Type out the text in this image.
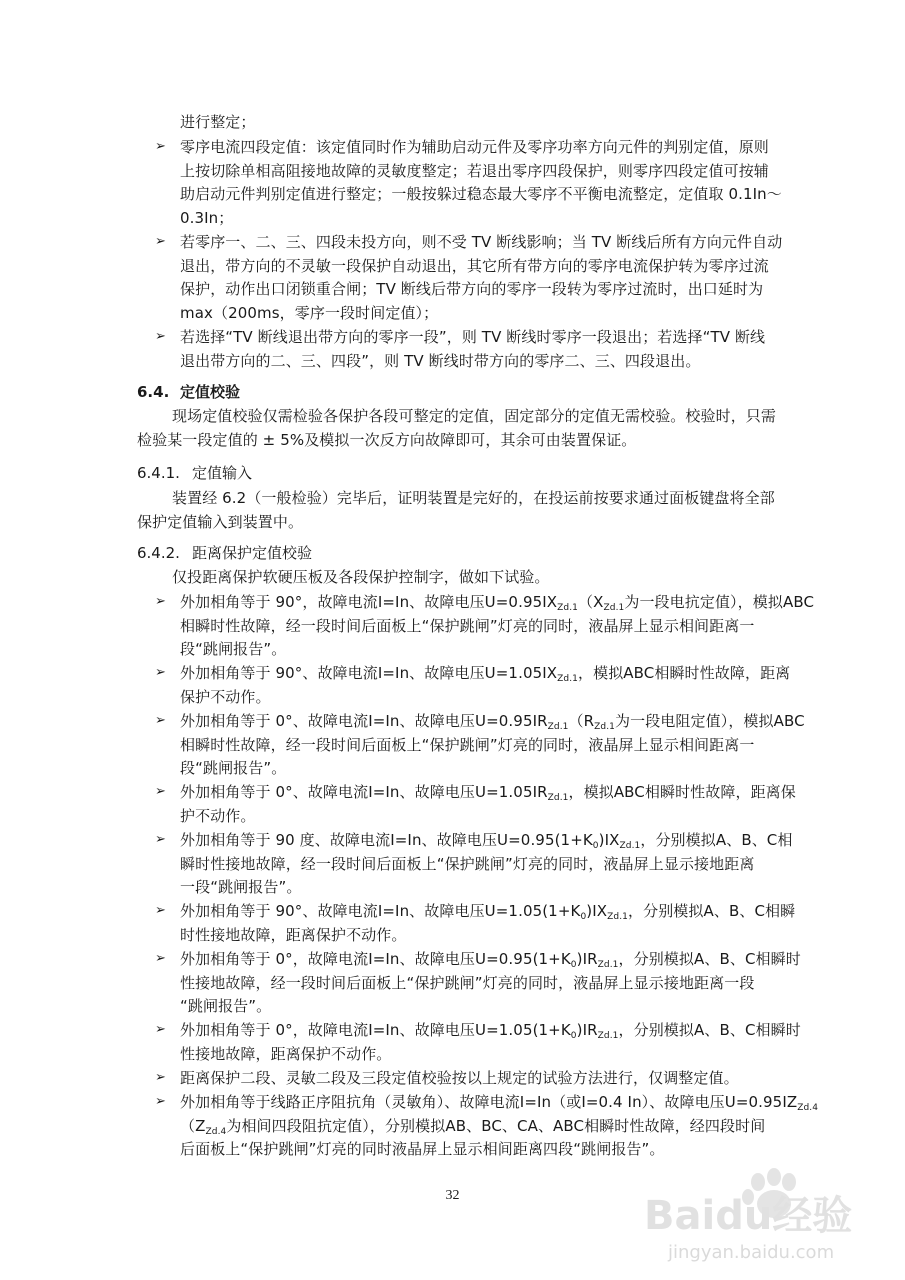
进行整定；
➢ 零序电流四段定值：该定值同时作为辅助启动元件及零序功率方向元件的判别定值，原则
上按切除单相高阻接地故障的灵敏度整定；若退出零序四段保护，则零序四段定值可按辅
助启动元件判别定值进行整定；一般按躲过稳态最大零序不平衡电流整定，定值取 0.1In～
0.3In；
➢ 若零序一、二、三、四段未投方向，则不受 TV 断线影响；当 TV 断线后所有方向元件自动
退出，带方向的不灵敏一段保护自动退出，其它所有带方向的零序电流保护转为零序过流
保护，动作出口闭锁重合闸；TV 断线后带方向的零序一段转为零序过流时，出口延时为
max（200ms，零序一段时间定值）；
➢ 若选择“TV 断线退出带方向的零序一段”，则 TV 断线时零序一段退出；若选择“TV 断线
退出带方向的二、三、四段”，则 TV 断线时带方向的零序二、三、四段退出。
6.4. 定值校验
现场定值校验仅需检验各保护各段可整定的定值，固定部分的定值无需校验。校验时，只需
检验某一段定值的 ± 5%及模拟一次反方向故障即可，其余可由装置保证。
6.4.1. 定值输入
装置经 6.2（一般检验）完毕后，证明装置是完好的，在投运前按要求通过面板键盘将全部
保护定值输入到装置中。
6.4.2. 距离保护定值校验
仅投距离保护软硬压板及各段保护控制字，做如下试验。
➢ 外加相角等于 90°，故障电流I=In、故障电压$U=0.95IX_{Zd.1}(X_{Zd.1}$为一段电抗定值），模拟ABC
相瞬时性故障，经一段时间后面板上“保护跳闸”灯亮的同时，液晶屏上显示相间距离一
段“跳闸报告”。
➢ 外加相角等于 90°、故障电流I=In、故障电压$U=1.05IX_{Zd.1}$，模拟ABC相瞬时性故障，距离
保护不动作。
➢ 外加相角等于 0°、故障电流I=In、故障电压$U=0.95IR_{Zd.1}(R_{Zd.1}$为一段电阻定值），模拟ABC
相瞬时性故障，经一段时间后面板上“保护跳闸”灯亮的同时，液晶屏上显示相间距离一
段“跳闸报告”。
➢ 外加相角等于 0°、故障电流I=In、故障电压$U=1.05IR_{Zd.1}$，模拟ABC相瞬时性故障，距离保
护不动作。
➢ 外加相角等于 90 度、故障电流I=In、故障电压$U=0.95(1+K_0)IX_{Zd.1}$，分别模拟A、B、C相
瞬时性接地故障，经一段时间后面板上“保护跳闸”灯亮的同时，液晶屏上显示接地距离
一段“跳闸报告”。
➢ 外加相角等于 90°、故障电流I=In、故障电压$U=1.05(1+K_0)IX_{Zd.1}$，分别模拟A、B、C相瞬
时性接地故障，距离保护不动作。
➢ 外加相角等于 0°，故障电流I=In、故障电压$U=0.95(1+K_0)IR_{Zd.1}$，分别模拟A、B、C相瞬时
性接地故障，经一段时间后面板上“保护跳闸”灯亮的同时，液晶屏上显示接地距离一段
“跳闸报告”。
➢ 外加相角等于 0°，故障电流I=In、故障电压$U=1.05(1+K_0)IR_{Zd.1}$，分别模拟A、B、C相瞬时
性接地故障，距离保护不动作。
➢ 距离保护二段、灵敏二段及三段定值校验按以上规定的试验方法进行，仅调整定值。
➢ 外加相角等于线路正序阻抗角（灵敏角）、故障电流I=In（或I=0.4 In）、故障电压$U=0.95IZ_{Zd.4}$
（$Z_{Zd.4}$为相间四段阻抗定值），分别模拟AB、BC、CA、ABC相瞬时性故障，经四段时间
后面板上“保护跳闸”灯亮的同时液晶屏上显示相间距离四段“跳闸报告”。
32	Baidu经验
jingyan.baidu.com
